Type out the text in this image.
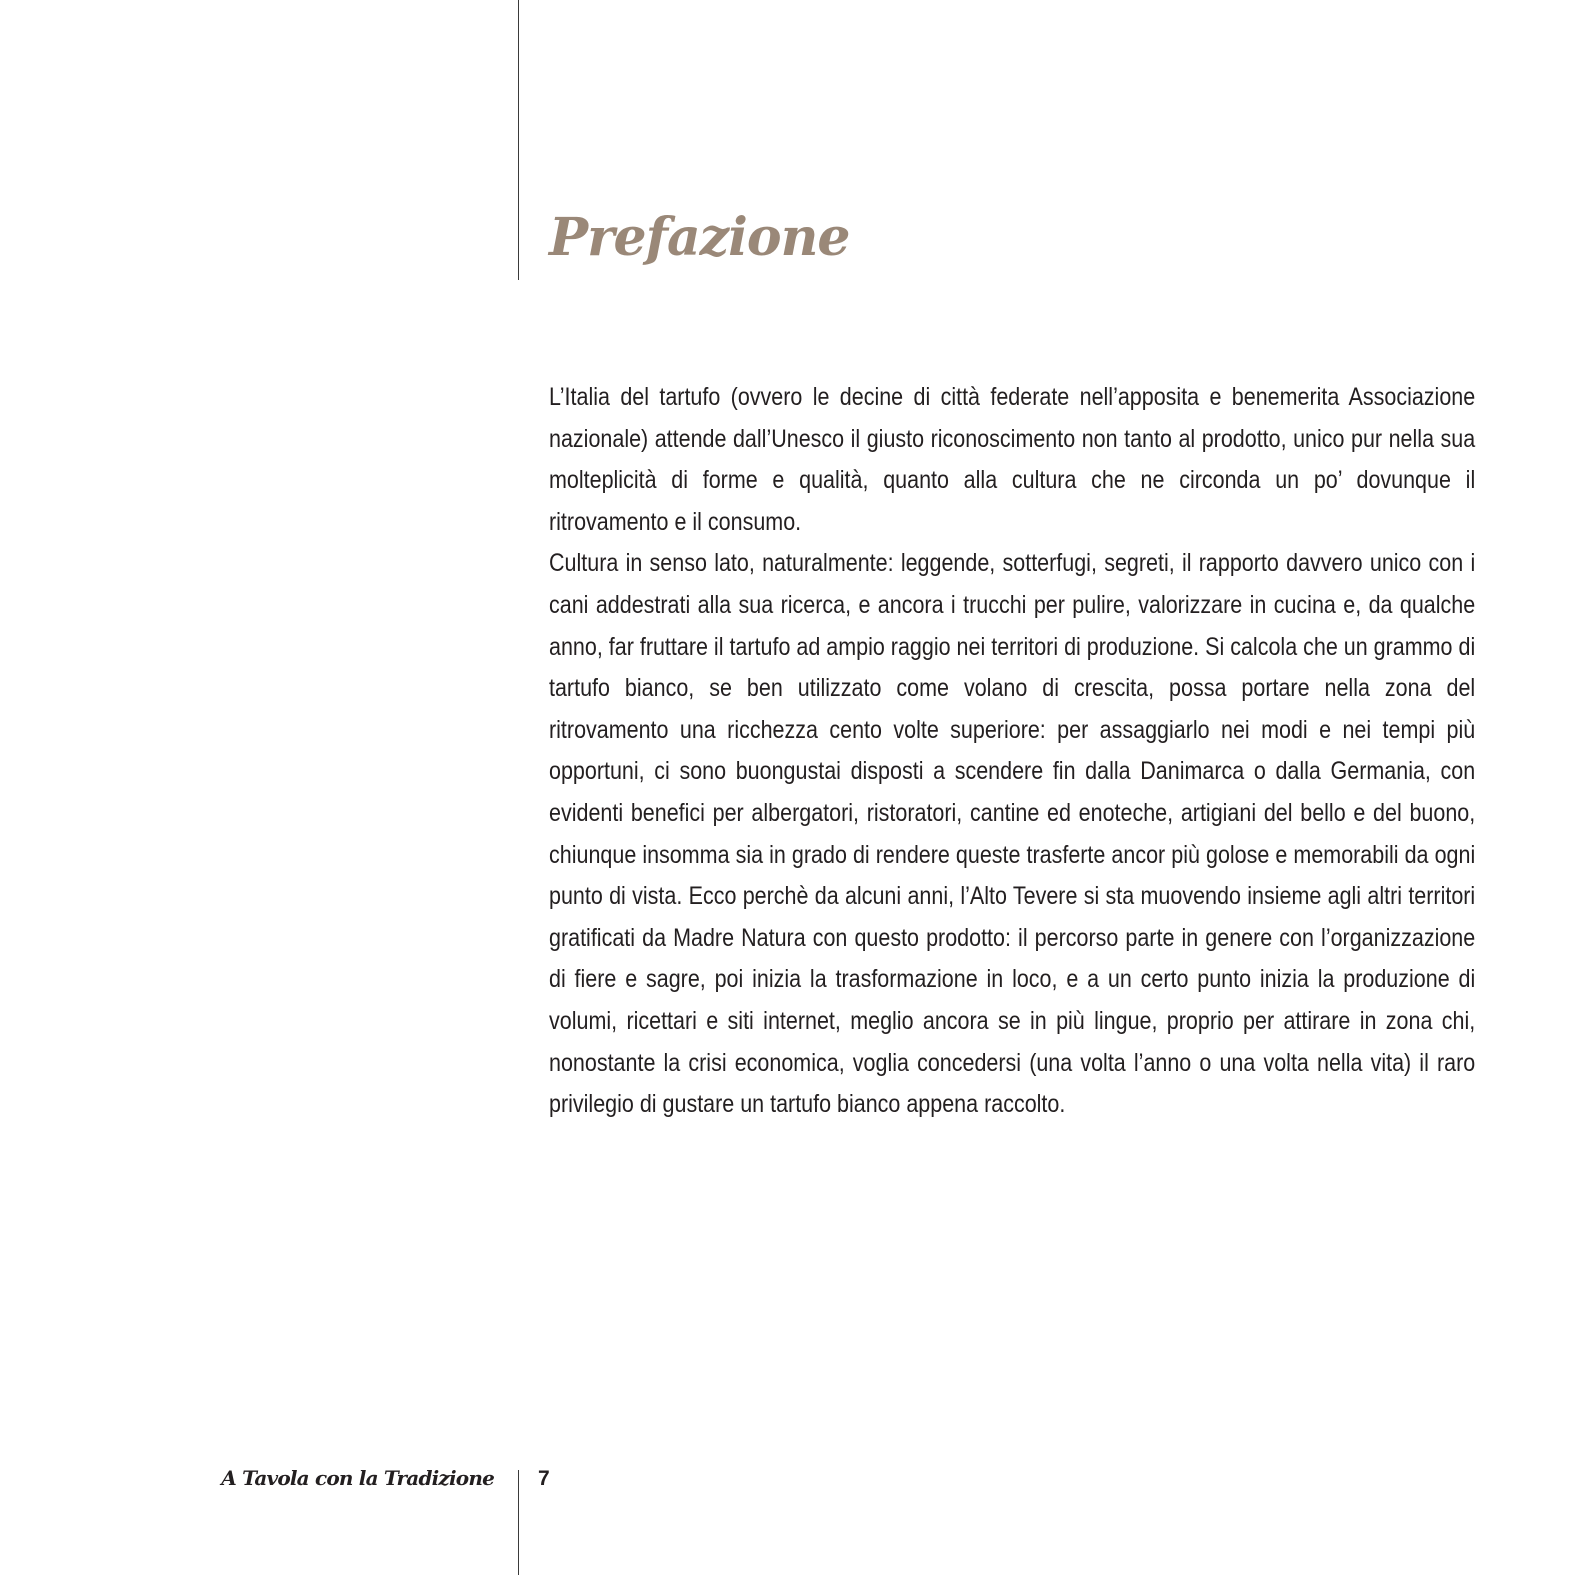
Prefazione

L’Italia del tartufo (ovvero le decine di città federate nell’apposita e benemerita Associazione nazionale) attende dall’Unesco il giusto riconoscimento non tanto al prodotto, unico pur nella sua molteplicità di forme e qualità, quanto alla cultura che ne circonda un po’ dovunque il ritrovamento e il consumo.

Cultura in senso lato, naturalmente: leggende, sotterfugi, segreti, il rapporto davvero unico con i cani addestrati alla sua ricerca, e ancora i trucchi per pulire, valorizzare in cucina e, da qualche anno, far fruttare il tartufo ad ampio raggio nei territori di produzione. Si calcola che un grammo di tartufo bianco, se ben utilizzato come volano di crescita, possa portare nella zona del ritrovamento una ricchezza cento volte superiore: per assaggiarlo nei modi e nei tempi più opportuni, ci sono buongustai disposti a scendere fin dalla Danimarca o dalla Germania, con evidenti benefici per albergatori, ristoratori, cantine ed enoteche, artigiani del bello e del buono, chiunque insomma sia in grado di rendere queste trasferte ancor più golose e memorabili da ogni punto di vista. Ecco perchè da alcuni anni, l’Alto Tevere si sta muovendo insieme agli altri territori gratificati da Madre Natura con questo prodotto: il percorso parte in genere con l’organizzazione di fiere e sagre, poi inizia la trasformazione in loco, e a un certo punto inizia la produzione di volumi, ricettari e siti internet, meglio ancora se in più lingue, proprio per attirare in zona chi, nonostante la crisi economica, voglia concedersi (una volta l’anno o una volta nella vita) il raro privilegio di gustare un tartufo bianco appena raccolto.

A Tavola con la Tradizione 7
